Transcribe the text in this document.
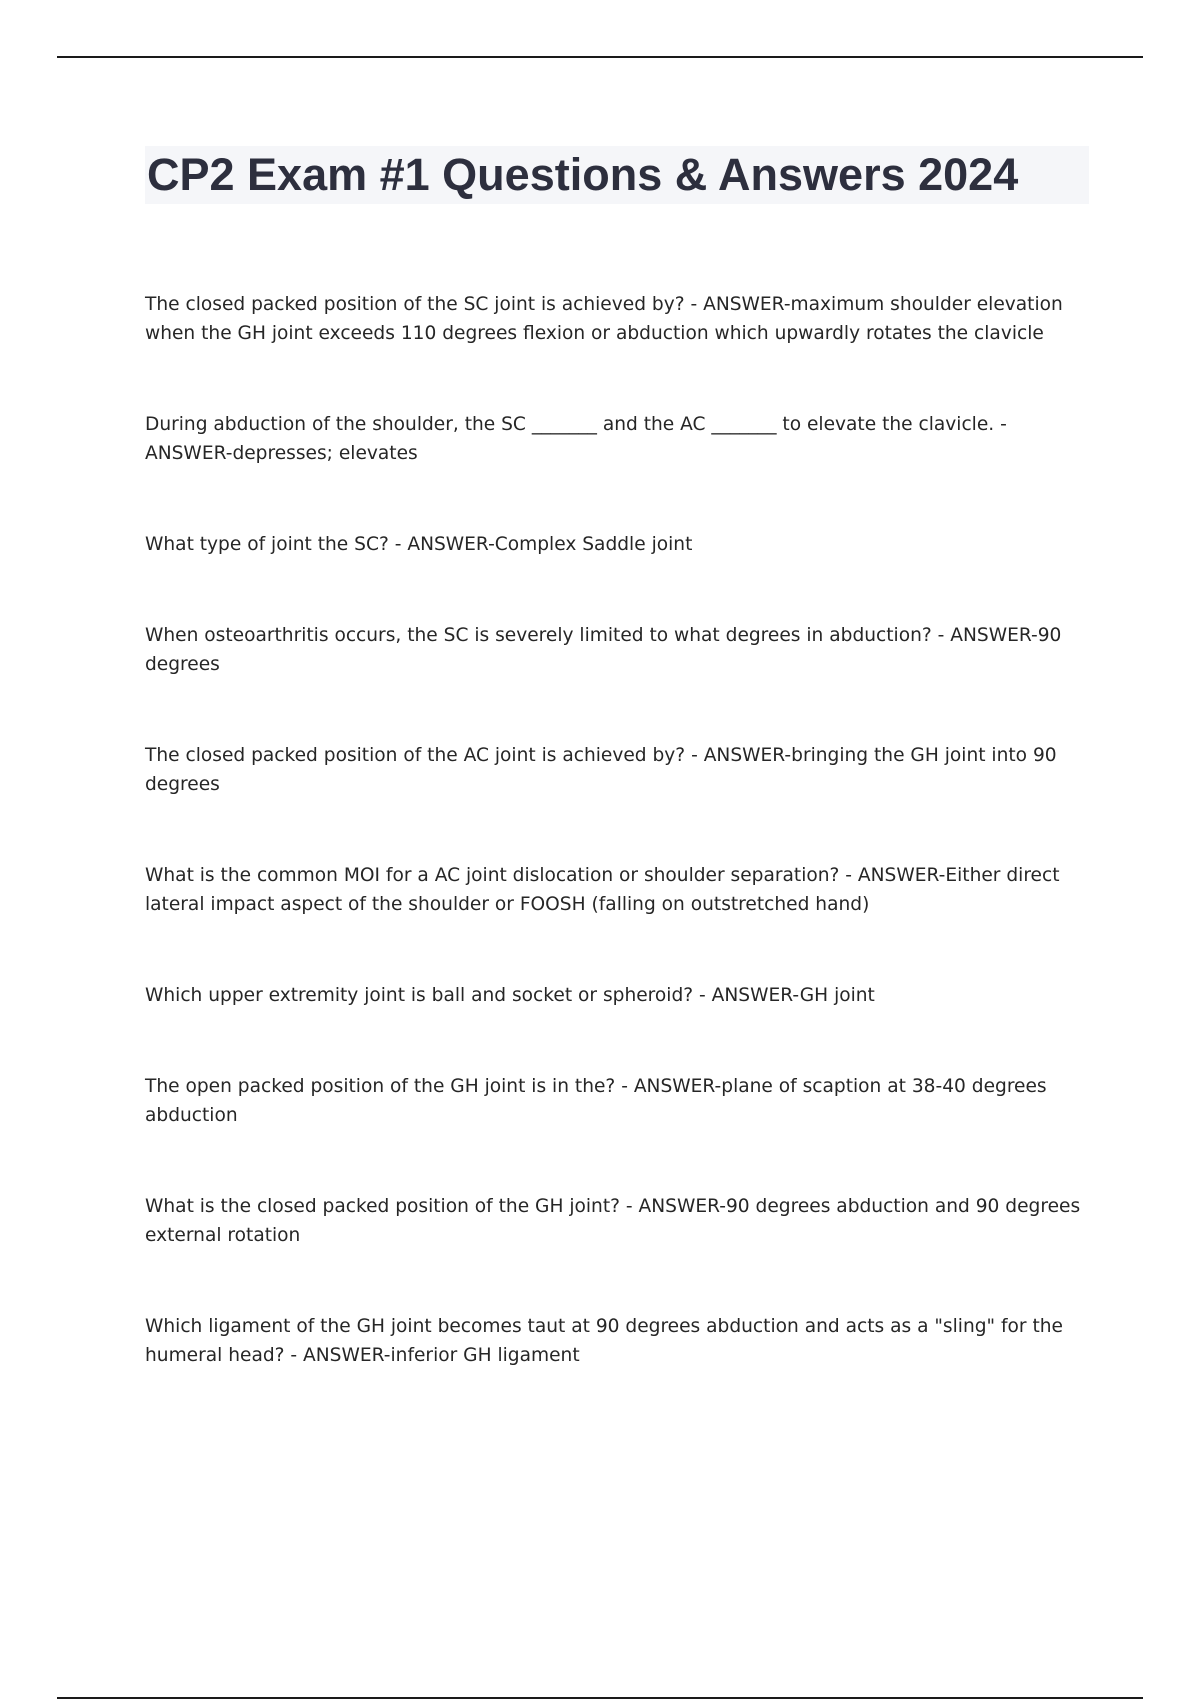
CP2 Exam #1 Questions & Answers 2024
The closed packed position of the SC joint is achieved by? - ANSWER-maximum shoulder elevation when the GH joint exceeds 110 degrees flexion or abduction which upwardly rotates the clavicle
During abduction of the shoulder, the SC _______ and the AC _______ to elevate the clavicle. - ANSWER-depresses; elevates
What type of joint the SC? - ANSWER-Complex Saddle joint
When osteoarthritis occurs, the SC is severely limited to what degrees in abduction? - ANSWER-90 degrees
The closed packed position of the AC joint is achieved by? - ANSWER-bringing the GH joint into 90 degrees
What is the common MOI for a AC joint dislocation or shoulder separation? - ANSWER-Either direct lateral impact aspect of the shoulder or FOOSH (falling on outstretched hand)
Which upper extremity joint is ball and socket or spheroid? - ANSWER-GH joint
The open packed position of the GH joint is in the? - ANSWER-plane of scaption at 38-40 degrees abduction
What is the closed packed position of the GH joint? - ANSWER-90 degrees abduction and 90 degrees external rotation
Which ligament of the GH joint becomes taut at 90 degrees abduction and acts as a "sling" for the humeral head? - ANSWER-inferior GH ligament
